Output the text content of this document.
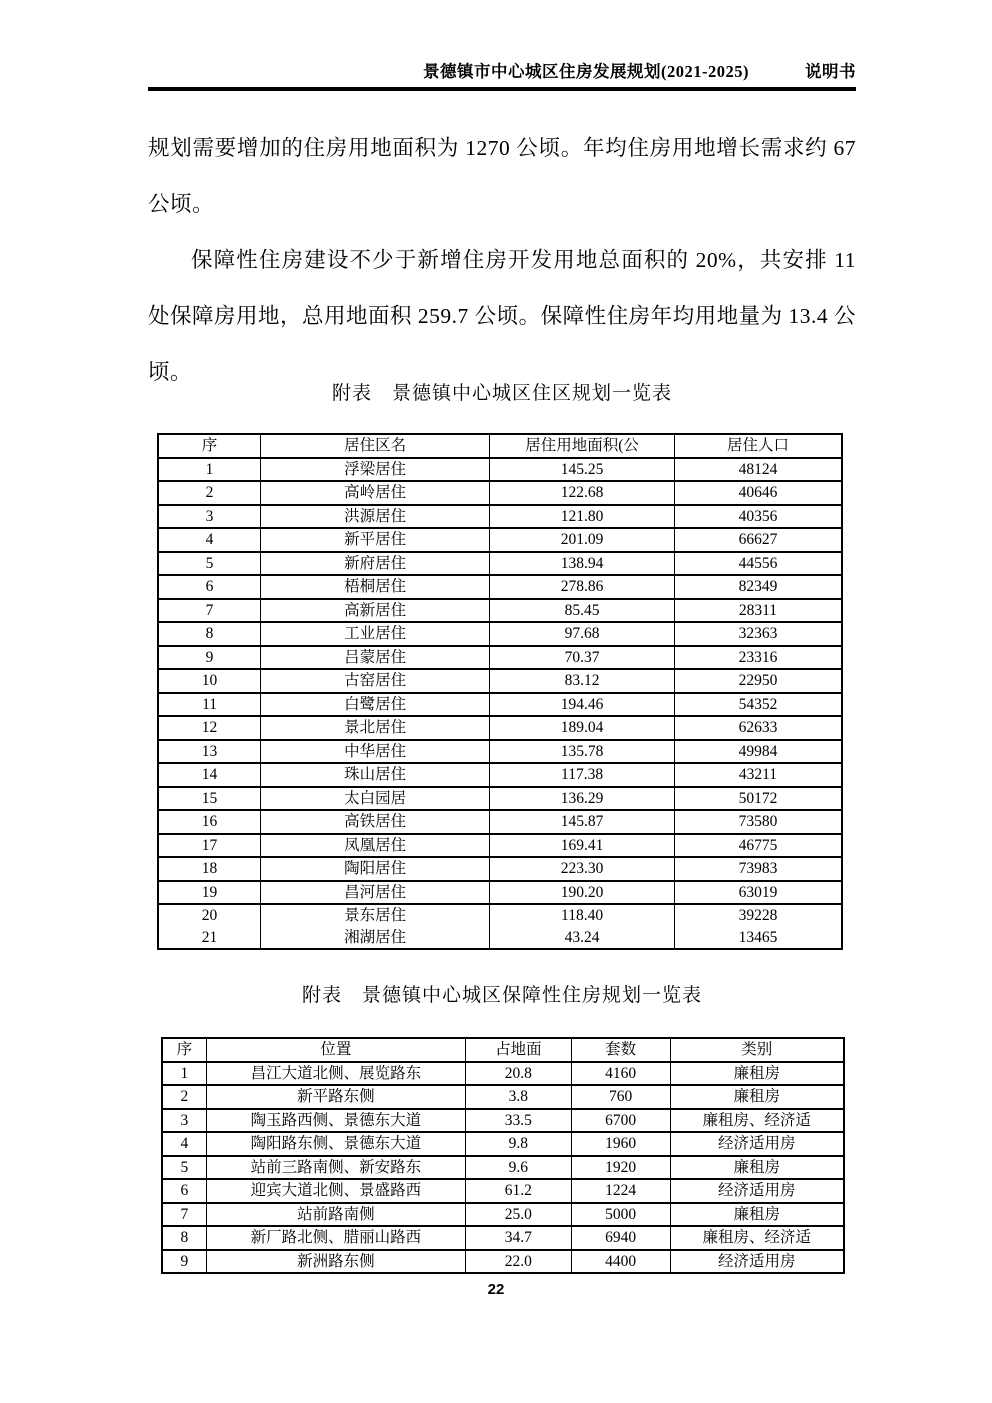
景德镇市中心城区住房发展规划(2021-2025)	说明书

规划需要增加的住房用地面积为 1270 公顷。年均住房用地增长需求约 67 公顷。

保障性住房建设不少于新增住房开发用地总面积的 20%，共安排 11 处保障房用地，总用地面积 259.7 公顷。保障性住房年均用地量为 13.4 公顷。

附表　景德镇中心城区住区规划一览表
序	居住区名	居住用地面积(公	居住人口
1	浮梁居住	145.25	48124
2	高岭居住	122.68	40646
3	洪源居住	121.80	40356
4	新平居住	201.09	66627
5	新府居住	138.94	44556
6	梧桐居住	278.86	82349
7	高新居住	85.45	28311
8	工业居住	97.68	32363
9	吕蒙居住	70.37	23316
10	古窑居住	83.12	22950
11	白鹭居住	194.46	54352
12	景北居住	189.04	62633
13	中华居住	135.78	49984
14	珠山居住	117.38	43211
15	太白园居	136.29	50172
16	高铁居住	145.87	73580
17	凤凰居住	169.41	46775
18	陶阳居住	223.30	73983
19	昌河居住	190.20	63019
20	景东居住	118.40	39228
21	湘湖居住	43.24	13465
附表　景德镇中心城区保障性住房规划一览表
序	位置	占地面	套数	类别
1	昌江大道北侧、展览路东	20.8	4160	廉租房
2	新平路东侧	3.8	760	廉租房
3	陶玉路西侧、景德东大道	33.5	6700	廉租房、经济适
4	陶阳路东侧、景德东大道	9.8	1960	经济适用房
5	站前三路南侧、新安路东	9.6	1920	廉租房
6	迎宾大道北侧、景盛路西	61.2	1224	经济适用房
7	站前路南侧	25.0	5000	廉租房
8	新厂路北侧、腊丽山路西	34.7	6940	廉租房、经济适
9	新洲路东侧	22.0	4400	经济适用房
22
